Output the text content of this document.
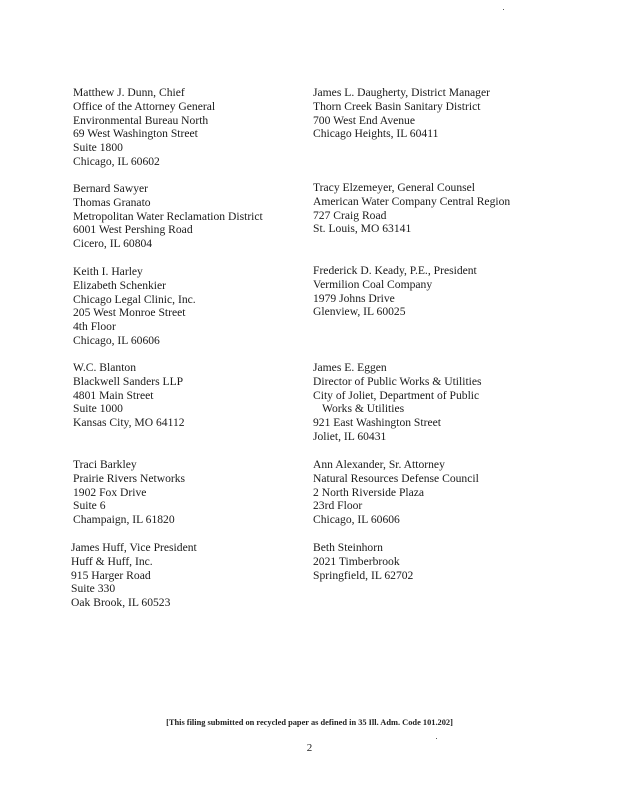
Matthew J. Dunn, Chief
Office of the Attorney General
Environmental Bureau North
69 West Washington Street
Suite 1800
Chicago, IL 60602
Bernard Sawyer
Thomas Granato
Metropolitan Water Reclamation District
6001 West Pershing Road
Cicero, IL 60804
Keith I. Harley
Elizabeth Schenkier
Chicago Legal Clinic, Inc.
205 West Monroe Street
4th Floor
Chicago, IL 60606
W.C. Blanton
Blackwell Sanders LLP
4801 Main Street
Suite 1000
Kansas City, MO 64112
Traci Barkley
Prairie Rivers Networks
1902 Fox Drive
Suite 6
Champaign, IL 61820
James Huff, Vice President
Huff & Huff, Inc.
915 Harger Road
Suite 330
Oak Brook, IL 60523
James L. Daugherty, District Manager
Thorn Creek Basin Sanitary District
700 West End Avenue
Chicago Heights, IL 60411
Tracy Elzemeyer, General Counsel
American Water Company Central Region
727 Craig Road
St. Louis, MO 63141
Frederick D. Keady, P.E., President
Vermilion Coal Company
1979 Johns Drive
Glenview, IL 60025
James E. Eggen
Director of Public Works & Utilities
City of Joliet, Department of Public
Works & Utilities
921 East Washington Street
Joliet, IL 60431
Ann Alexander, Sr. Attorney
Natural Resources Defense Council
2 North Riverside Plaza
23rd Floor
Chicago, IL 60606
Beth Steinhorn
2021 Timberbrook
Springfield, IL 62702
[This filing submitted on recycled paper as defined in 35 Ill. Adm. Code 101.202]
2
